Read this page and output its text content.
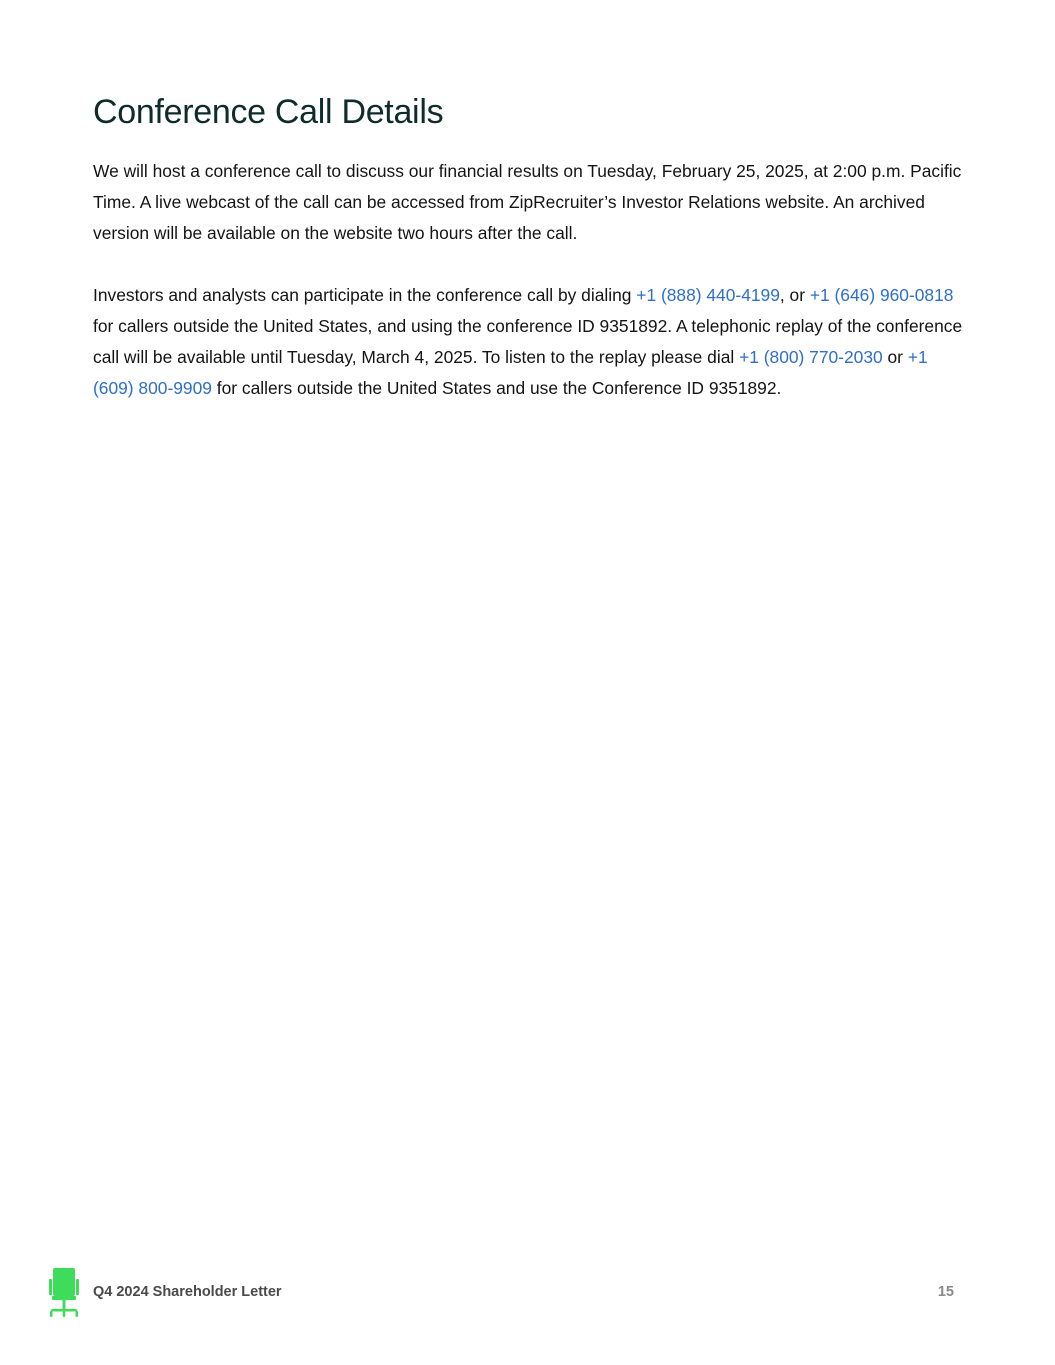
Conference Call Details

We will host a conference call to discuss our financial results on Tuesday, February 25, 2025, at 2:00 p.m. Pacific Time. A live webcast of the call can be accessed from ZipRecruiter’s Investor Relations website. An archived version will be available on the website two hours after the call.

Investors and analysts can participate in the conference call by dialing +1 (888) 440-4199, or +1 (646) 960-0818 for callers outside the United States, and using the conference ID 9351892. A telephonic replay of the conference call will be available until Tuesday, March 4, 2025. To listen to the replay please dial +1 (800) 770-2030 or +1 (609) 800-9909 for callers outside the United States and use the Conference ID 9351892.

Q4 2024 Shareholder Letter	15
